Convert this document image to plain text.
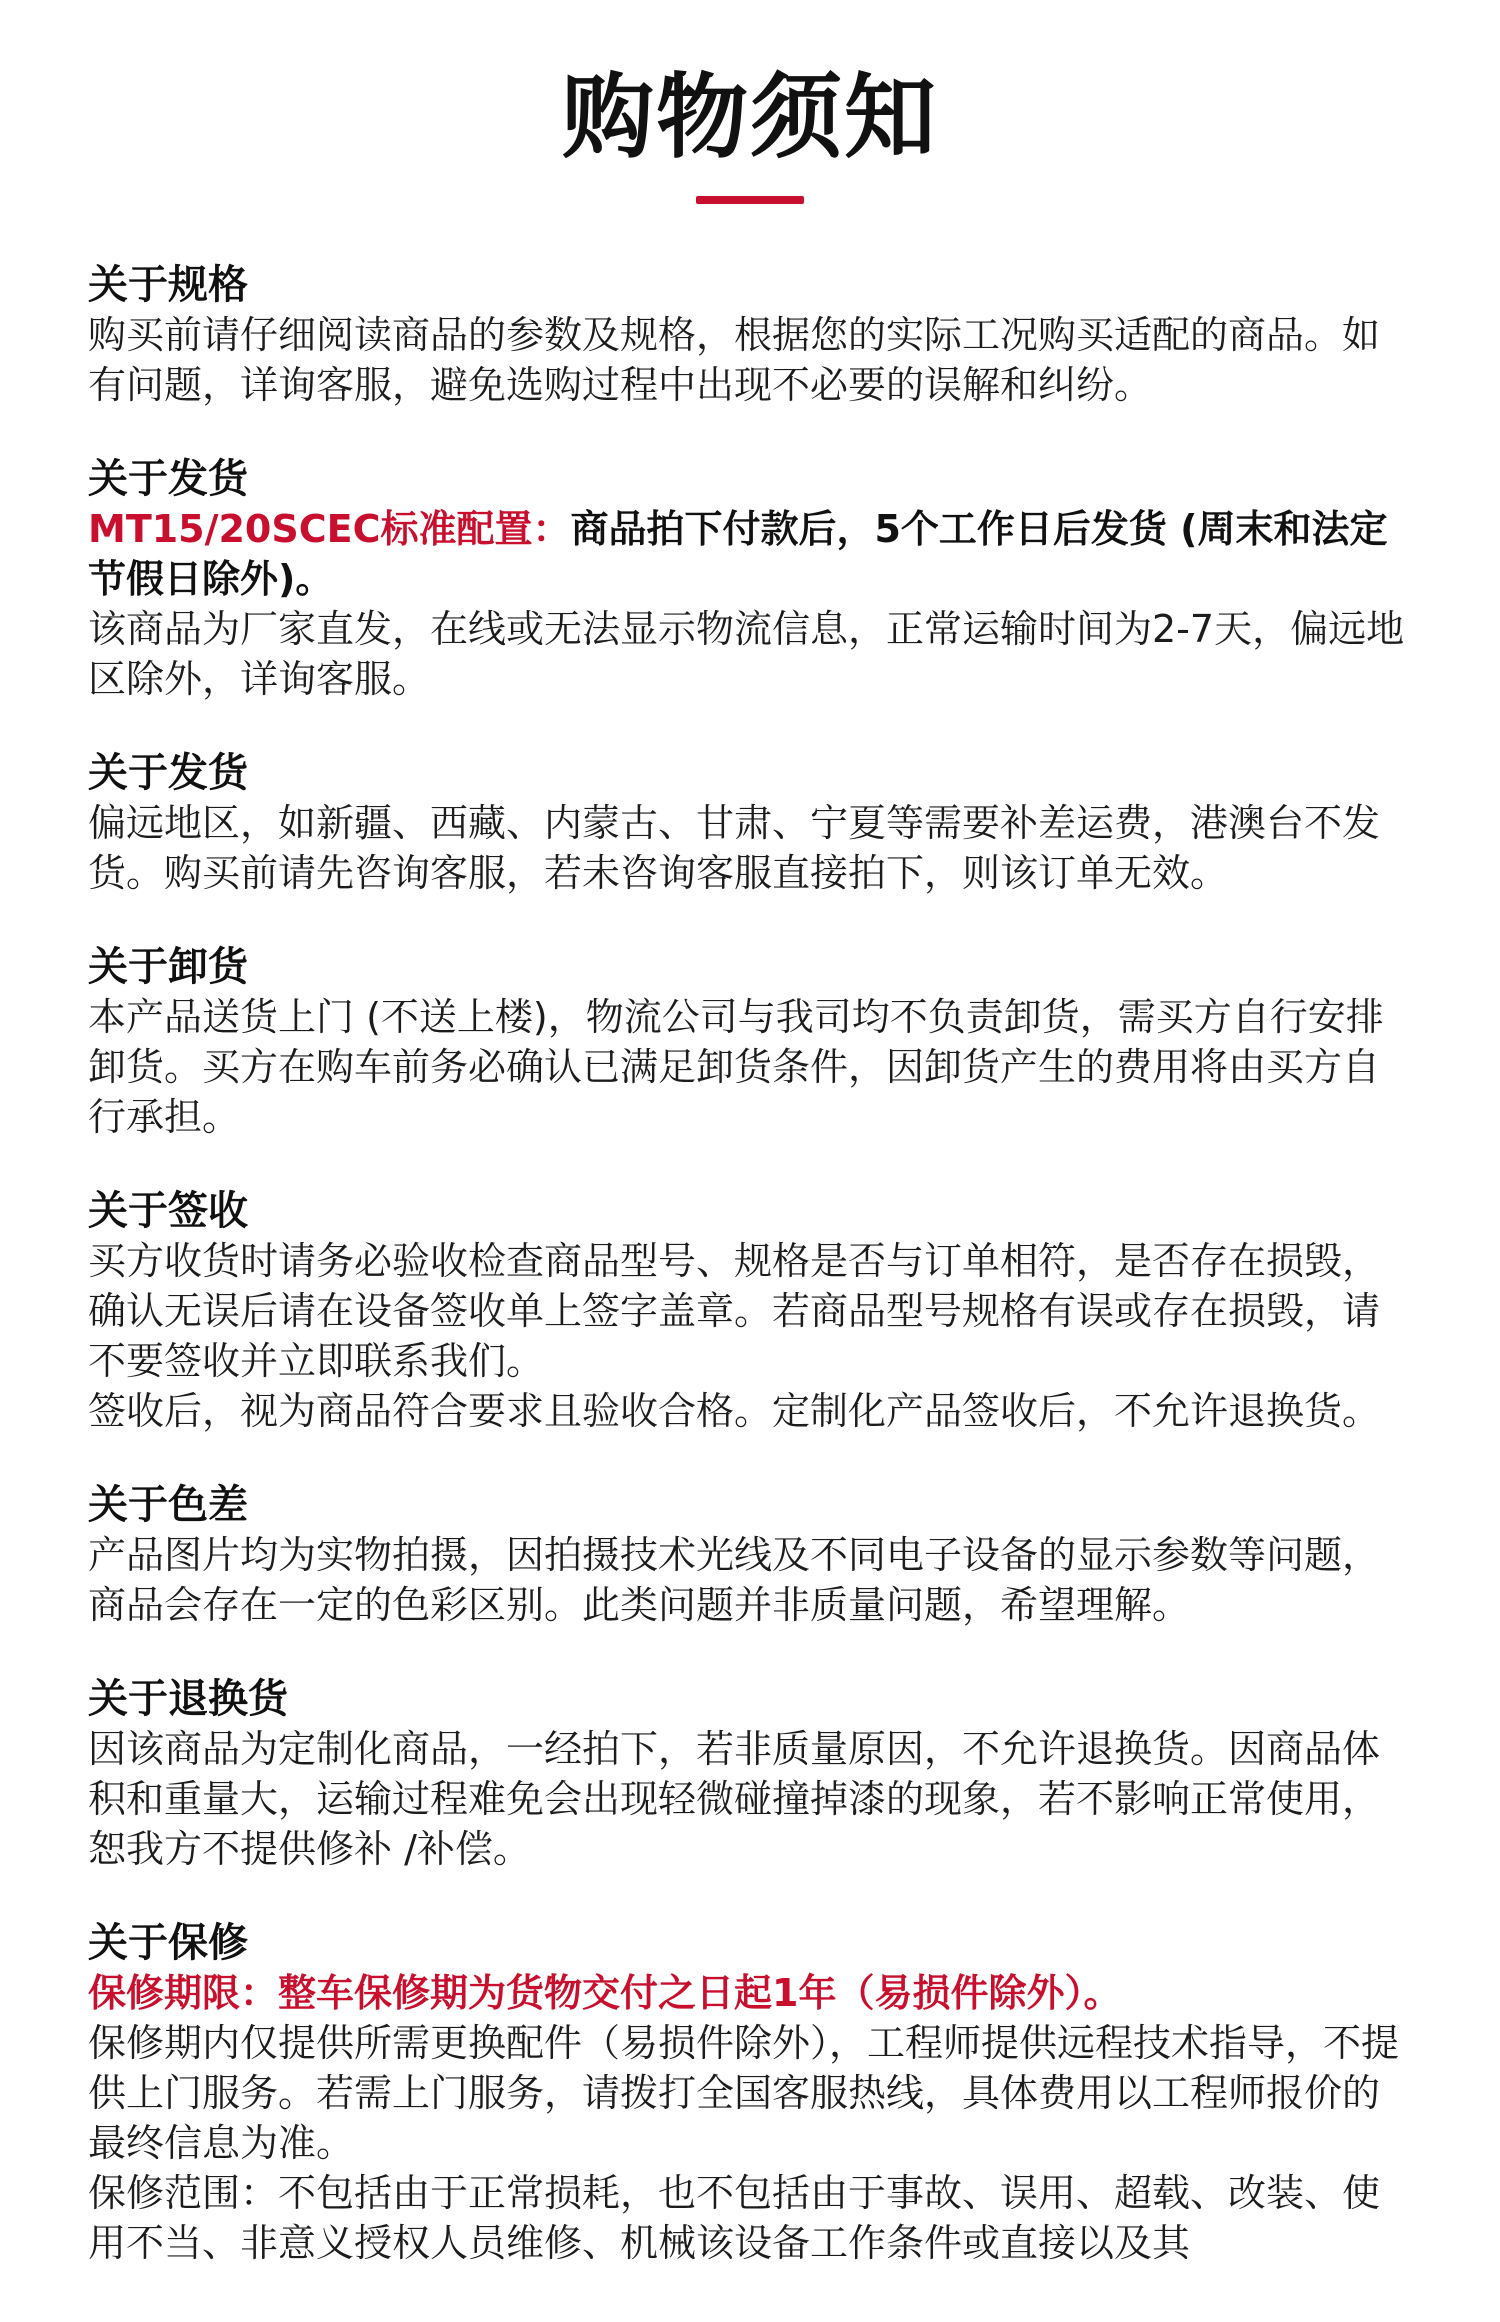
购物须知
关于规格

购买前请仔细阅读商品的参数及规格，根据您的实际工况购买适配的商品。如有问题，详询客服，避免选购过程中出现不必要的误解和纠纷。

关于发货

MT15/20SCEC标准配置：商品拍下付款后，5个工作日后发货 (周末和法定节假日除外)。

该商品为厂家直发，在线或无法显示物流信息，正常运输时间为2-7天，偏远地区除外，详询客服。

关于发货

偏远地区，如新疆、西藏、内蒙古、甘肃、宁夏等需要补差运费，港澳台不发货。购买前请先咨询客服，若未咨询客服直接拍下，则该订单无效。

关于卸货

本产品送货上门 (不送上楼)，物流公司与我司均不负责卸货，需买方自行安排卸货。买方在购车前务必确认已满足卸货条件，因卸货产生的费用将由买方自行承担。

关于签收

买方收货时请务必验收检查商品型号、规格是否与订单相符，是否存在损毁，确认无误后请在设备签收单上签字盖章。若商品型号规格有误或存在损毁，请不要签收并立即联系我们。

签收后，视为商品符合要求且验收合格。定制化产品签收后，不允许退换货。

关于色差

产品图片均为实物拍摄，因拍摄技术光线及不同电子设备的显示参数等问题，商品会存在一定的色彩区别。此类问题并非质量问题，希望理解。

关于退换货

因该商品为定制化商品，一经拍下，若非质量原因，不允许退换货。因商品体积和重量大，运输过程难免会出现轻微碰撞掉漆的现象，若不影响正常使用，恕我方不提供修补 /补偿。

关于保修

保修期限：整车保修期为货物交付之日起1年（易损件除外）。

保修期内仅提供所需更换配件（易损件除外），工程师提供远程技术指导，不提供上门服务。若需上门服务，请拨打全国客服热线，具体费用以工程师报价的最终信息为准。

保修范围：不包括由于正常损耗，也不包括由于事故、误用、超载、改装、使用不当、非意义授权人员维修、机械该设备工作条件或直接以及其
